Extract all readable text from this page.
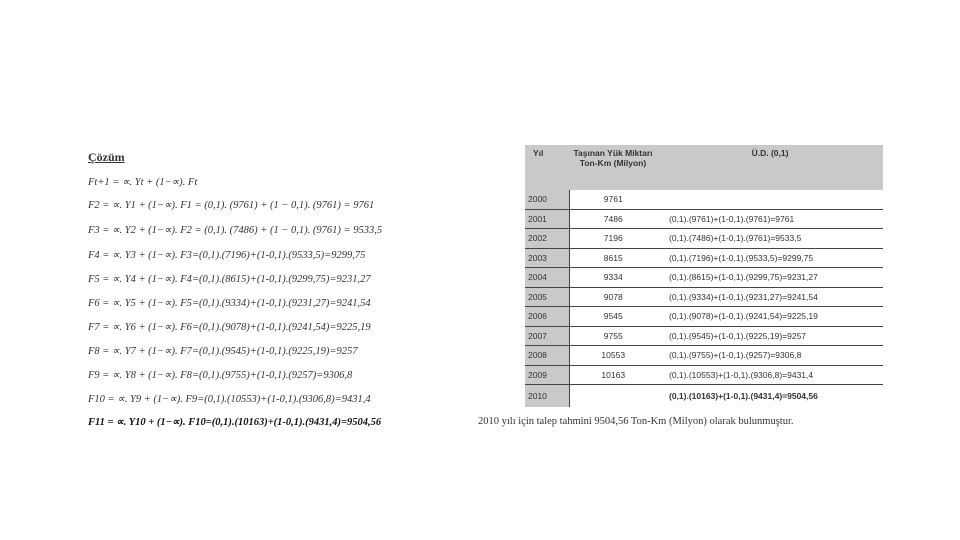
Çözüm
Ft+1 = ∝. Yt + (1−∝). Ft
F2 = ∝. Y1 + (1−∝). F1 = (0,1). (9761) + (1 − 0,1). (9761) = 9761
F3 = ∝. Y2 + (1−∝). F2 = (0,1). (7486) + (1 − 0,1). (9761) = 9533,5
F4 = ∝. Y3 + (1−∝). F3=(0,1).(7196)+(1-0,1).(9533,5)=9299,75
F5 = ∝. Y4 + (1−∝). F4=(0,1).(8615)+(1-0,1).(9299,75)=9231,27
F6 = ∝. Y5 + (1−∝). F5=(0,1).(9334)+(1-0,1).(9231,27)=9241,54
F7 = ∝. Y6 + (1−∝). F6=(0,1).(9078)+(1-0,1).(9241,54)=9225,19
F8 = ∝. Y7 + (1−∝). F7=(0,1).(9545)+(1-0,1).(9225,19)=9257
F9 = ∝. Y8 + (1−∝). F8=(0,1).(9755)+(1-0,1).(9257)=9306,8
F10 = ∝. Y9 + (1−∝). F9=(0,1).(10553)+(1-0,1).(9306,8)=9431,4
F11 = ∝. Y10 + (1−∝). F10=(0,1).(10163)+(1-0,1).(9431,4)=9504,56
Yıl	Taşınan Yük Miktarı Ton-Km (Milyon)	Ü.D. (0,1)
2000	9761	
2001	7486	(0,1).(9761)+(1-0,1).(9761)=9761
2002	7196	(0,1).(7486)+(1-0,1).(9761)=9533,5
2003	8615	(0,1).(7196)+(1-0,1).(9533,5)=9299,75
2004	9334	(0,1).(8615)+(1-0,1).(9299,75)=9231,27
2005	9078	(0,1).(9334)+(1-0,1).(9231,27)=9241,54
2006	9545	(0,1).(9078)+(1-0,1).(9241,54)=9225,19
2007	9755	(0,1).(9545)+(1-0,1).(9225,19)=9257
2008	10553	(0,1).(9755)+(1-0,1).(9257)=9306,8
2009	10163	(0,1).(10553)+(1-0,1).(9306,8)=9431,4
2010		(0,1).(10163)+(1-0,1).(9431,4)=9504,56
2010 yılı için talep tahmini 9504,56 Ton-Km (Milyon) olarak bulunmuştur.
